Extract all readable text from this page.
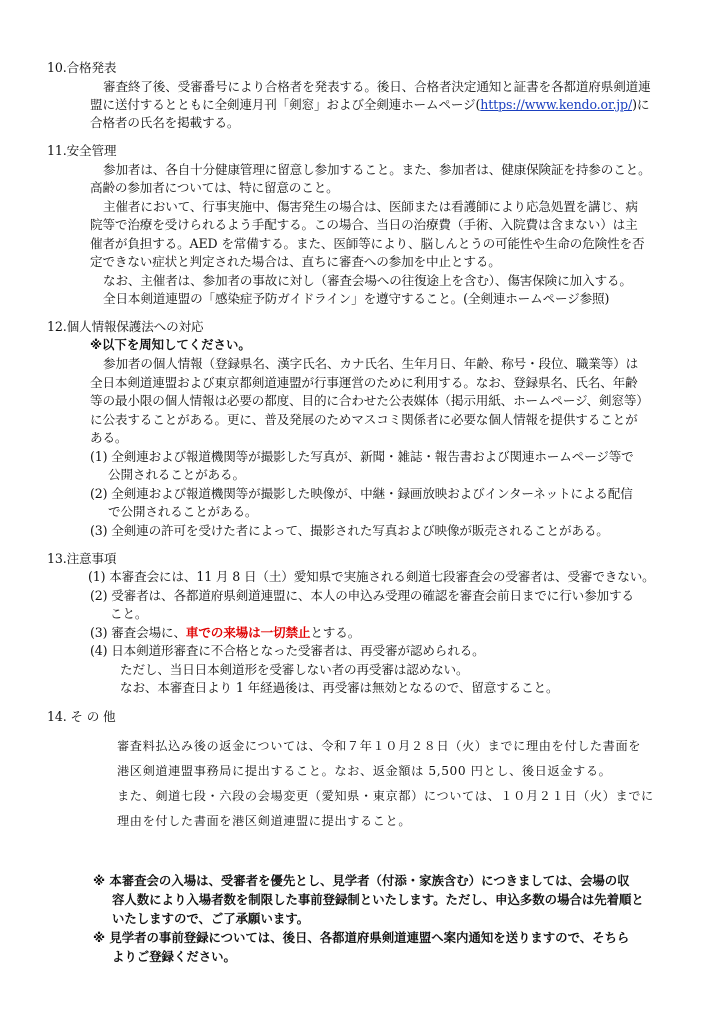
10.合格発表
審査終了後、受審番号により合格者を発表する。後日、合格者決定通知と証書を各都道府県剣道連
盟に送付するとともに全剣連月刊「剣窓」および全剣連ホームページ(https://www.kendo.or.jp/)に
合格者の氏名を掲載する。
11.安全管理
参加者は、各自十分健康管理に留意し参加すること。また、参加者は、健康保険証を持参のこと。
高齢の参加者については、特に留意のこと。
主催者において、行事実施中、傷害発生の場合は、医師または看護師により応急処置を講じ、病
院等で治療を受けられるよう手配する。この場合、当日の治療費（手術、入院費は含まない）は主
催者が負担する。AED を常備する。また、医師等により、脳しんとうの可能性や生命の危険性を否
定できない症状と判定された場合は、直ちに審査への参加を中止とする。
なお、主催者は、参加者の事故に対し（審査会場への往復途上を含む）、傷害保険に加入する。
全日本剣道連盟の「感染症予防ガイドライン」を遵守すること。(全剣連ホームページ参照)
12.個人情報保護法への対応
※以下を周知してください。
参加者の個人情報（登録県名、漢字氏名、カナ氏名、生年月日、年齢、称号・段位、職業等）は
全日本剣道連盟および東京都剣道連盟が行事運営のために利用する。なお、登録県名、氏名、年齢
等の最小限の個人情報は必要の都度、目的に合わせた公表媒体（掲示用紙、ホームページ、剣窓等）
に公表することがある。更に、普及発展のためマスコミ関係者に必要な個人情報を提供することが
ある。
(1) 全剣連および報道機関等が撮影した写真が、新聞・雑誌・報告書および関連ホームページ等で
公開されることがある。
(2) 全剣連および報道機関等が撮影した映像が、中継・録画放映およびインターネットによる配信
で公開されることがある。
(3) 全剣連の許可を受けた者によって、撮影された写真および映像が販売されることがある。
13.注意事項
(1) 本審査会には、11 月 8 日（土）愛知県で実施される剣道七段審査会の受審者は、受審できない。
(2) 受審者は、各都道府県剣道連盟に、本人の申込み受理の確認を審査会前日までに行い参加する
こと。
(3) 審査会場に、車での来場は一切禁止とする。
(4) 日本剣道形審査に不合格となった受審者は、再受審が認められる。
ただし、当日日本剣道形を受審しない者の再受審は認めない。
なお、本審査日より 1 年経過後は、再受審は無効となるので、留意すること。
14. そ の 他
審査料払込み後の返金については、令和７年１０月２８日（火）までに理由を付した書面を
港区剣道連盟事務局に提出すること。なお、返金額は 5,500 円とし、後日返金する。
また、剣道七段・六段の会場変更（愛知県・東京都）については、１０月２１日（火）までに
理由を付した書面を港区剣道連盟に提出すること。
※ 本審査会の入場は、受審者を優先とし、見学者（付添・家族含む）につきましては、会場の収
容人数により入場者数を制限した事前登録制といたします。ただし、申込多数の場合は先着順と
いたしますので、ご了承願います。
※ 見学者の事前登録については、後日、各都道府県剣道連盟へ案内通知を送りますので、そちら
よりご登録ください。
